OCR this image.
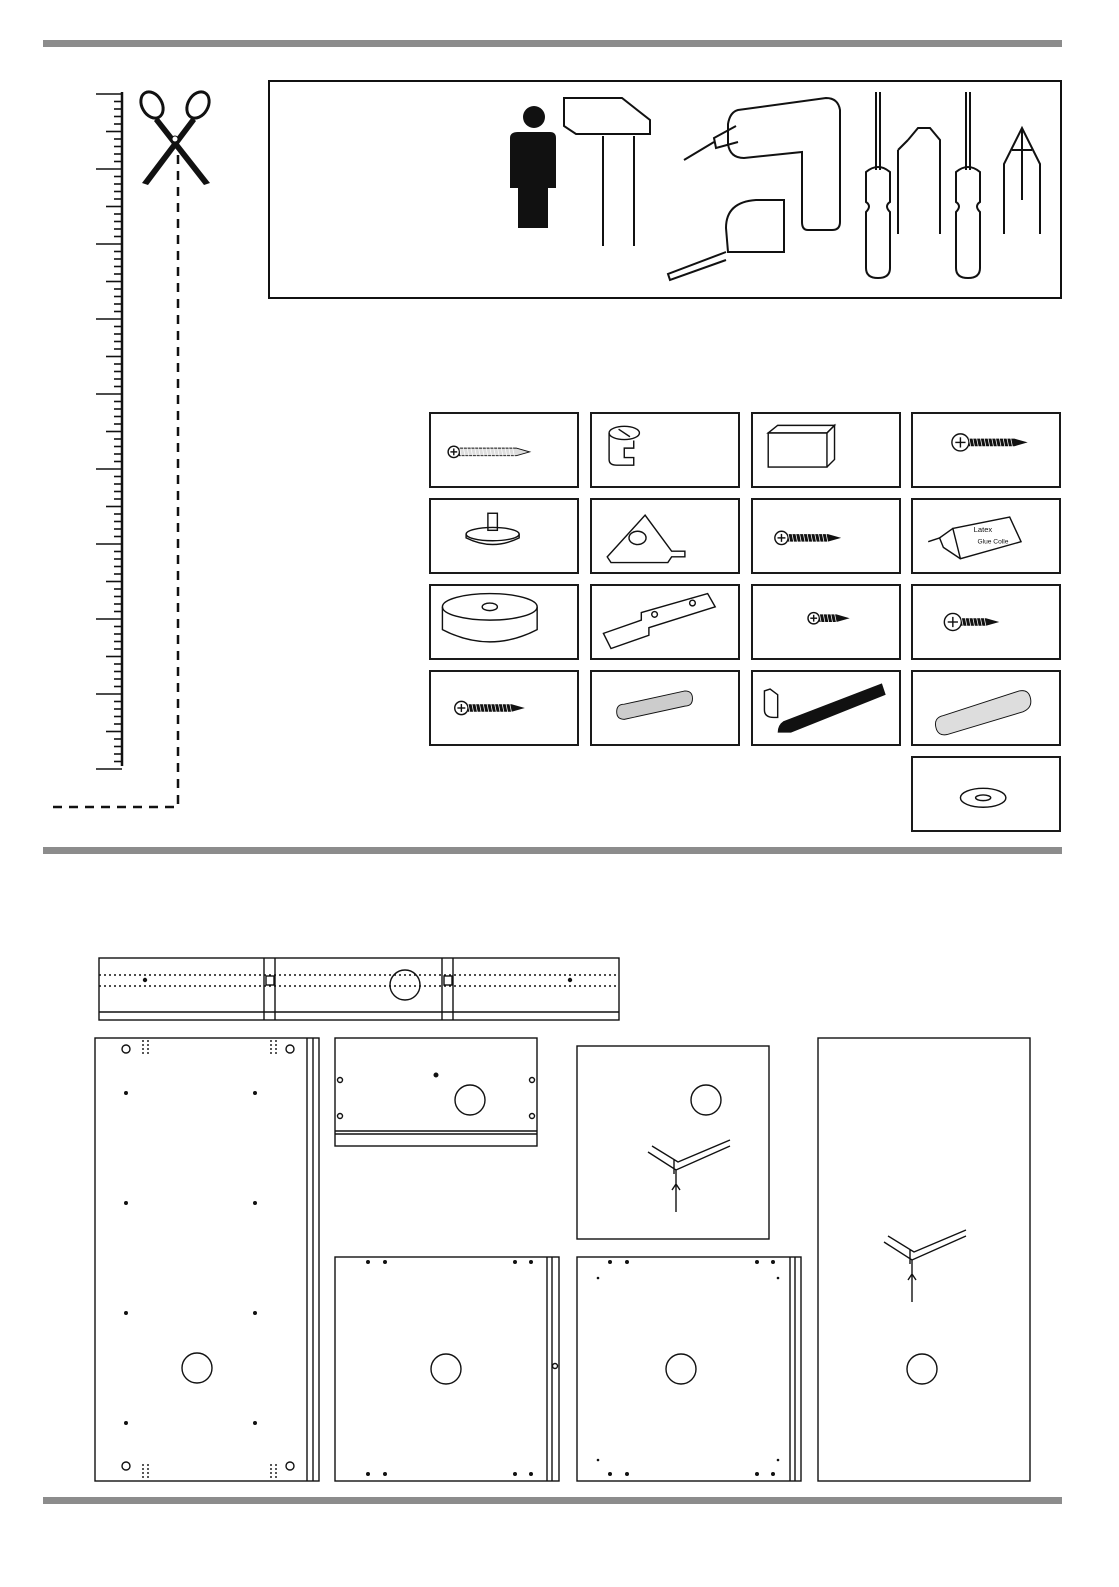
Latex
Glue Colle
